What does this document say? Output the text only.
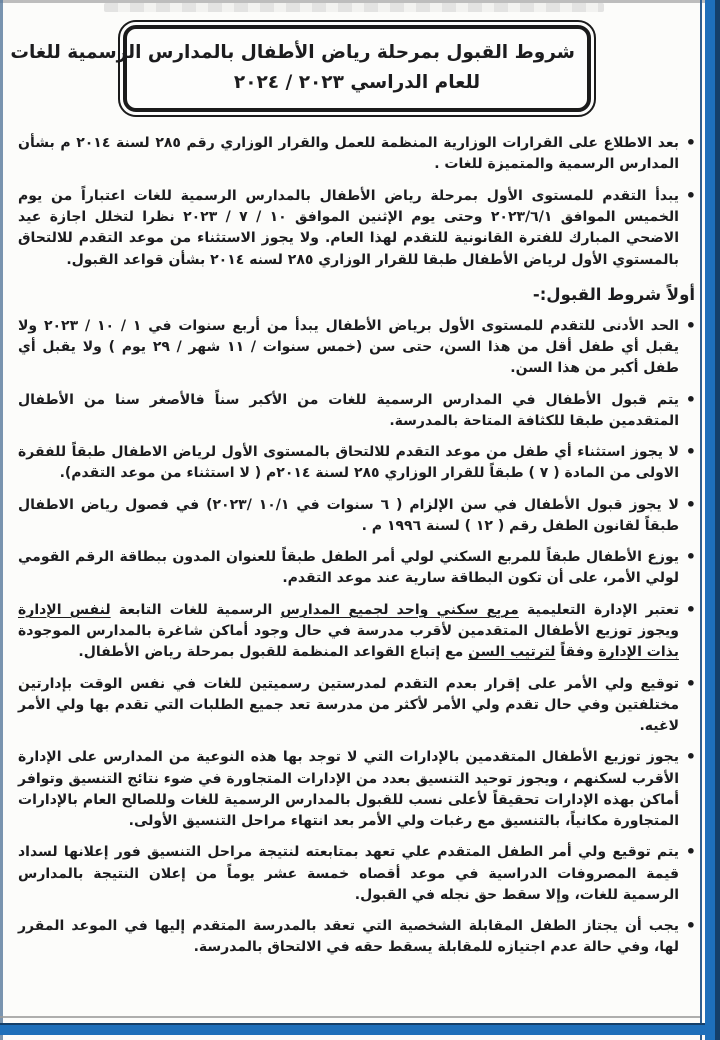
شروط القبول بمرحلة رياض الأطفال بالمدارس الرسمية للغات
للعام الدراسي ٢٠٢٣ / ٢٠٢٤
• بعد الاطلاع على القرارات الوزارية المنظمة للعمل والقرار الوزاري رقم ٢٨٥ لسنة ٢٠١٤ م بشأن المدارس الرسمية والمتميزة للغات .
• يبدأ التقدم للمستوى الأول بمرحلة رياض الأطفال بالمدارس الرسمية للغات اعتباراً من يوم الخميس الموافق ٢٠٢٣/٦/١ وحتى يوم الإثنين الموافق ١٠ / ٧ / ٢٠٢٣ نظرا لتخلل اجازة عيد الاضحي المبارك للفترة القانونية للتقدم لهذا العام. ولا يجوز الاستثناء من موعد التقدم للالتحاق بالمستوي الأول لرياض الأطفال طبقا للقرار الوزاري ٢٨٥ لسنه ٢٠١٤ بشأن قواعد القبول.
أولاً شروط القبول:-
• الحد الأدنى للتقدم للمستوى الأول برياض الأطفال يبدأ من أربع سنوات في ١ / ١٠ / ٢٠٢٣ ولا يقبل أي طفل أقل من هذا السن، حتى سن (خمس سنوات / ١١ شهر / ٢٩ يوم ) ولا يقبل أي طفل أكبر من هذا السن.
• يتم قبول الأطفال في المدارس الرسمية للغات من الأكبر سناً فالأصغر سنا من الأطفال المتقدمين طبقا للكثافة المتاحة بالمدرسة.
• لا يجوز استثناء أي طفل من موعد التقدم للالتحاق بالمستوى الأول لرياض الاطفال طبقاً للفقرة الاولى من المادة ( ٧ ) طبقاً للقرار الوزاري ٢٨٥ لسنة ٢٠١٤م ( لا استثناء من موعد التقدم).
• لا يجوز قبول الأطفال في سن الإلزام ( ٦ سنوات في ١٠/١ /٢٠٢٣) في فصول رياض الاطفال طبقاً لقانون الطفل رقم ( ١٢ ) لسنة ١٩٩٦ م .
• يوزع الأطفال طبقاً للمربع السكني لولي أمر الطفل طبقاً للعنوان المدون ببطاقة الرقم القومي لولي الأمر، على أن تكون البطاقة سارية عند موعد التقدم.
• تعتبر الإدارة التعليمية مربع سكني واحد لجميع المدارس الرسمية للغات التابعة لنفس الإدارة ويجوز توزيع الأطفال المتقدمين لأقرب مدرسة في حال وجود أماكن شاغرة بالمدارس الموجودة بذات الإدارة وفقاً لترتيب السن مع إتباع القواعد المنظمة للقبول بمرحلة رياض الأطفال.
• توقيع ولي الأمر على إقرار بعدم التقدم لمدرستين رسميتين للغات في نفس الوقت بإدارتين مختلفتين وفي حال تقدم ولي الأمر لأكثر من مدرسة تعد جميع الطلبات التي تقدم بها ولي الأمر لاغيه.
• يجوز توزيع الأطفال المتقدمين بالإدارات التي لا توجد بها هذه النوعية من المدارس على الإدارة الأقرب لسكنهم ، ويجوز توحيد التنسيق بعدد من الإدارات المتجاورة في ضوء نتائج التنسيق وتوافر أماكن بهذه الإدارات تحقيقاً لأعلى نسب للقبول بالمدارس الرسمية للغات وللصالح العام بالإدارات المتجاورة مكانياً، بالتنسيق مع رغبات ولي الأمر بعد انتهاء مراحل التنسيق الأولى.
• يتم توقيع ولي أمر الطفل المتقدم علي تعهد بمتابعته لنتيجة مراحل التنسيق فور إعلانها لسداد قيمة المصروفات الدراسية في موعد أقصاه خمسة عشر يوماً من إعلان النتيجة بالمدارس الرسمية للغات، وإلا سقط حق نجله في القبول.
• يجب أن يجتاز الطفل المقابلة الشخصية التي تعقد بالمدرسة المتقدم إليها في الموعد المقرر لها، وفي حالة عدم اجتيازه للمقابلة يسقط حقه في الالتحاق بالمدرسة.
